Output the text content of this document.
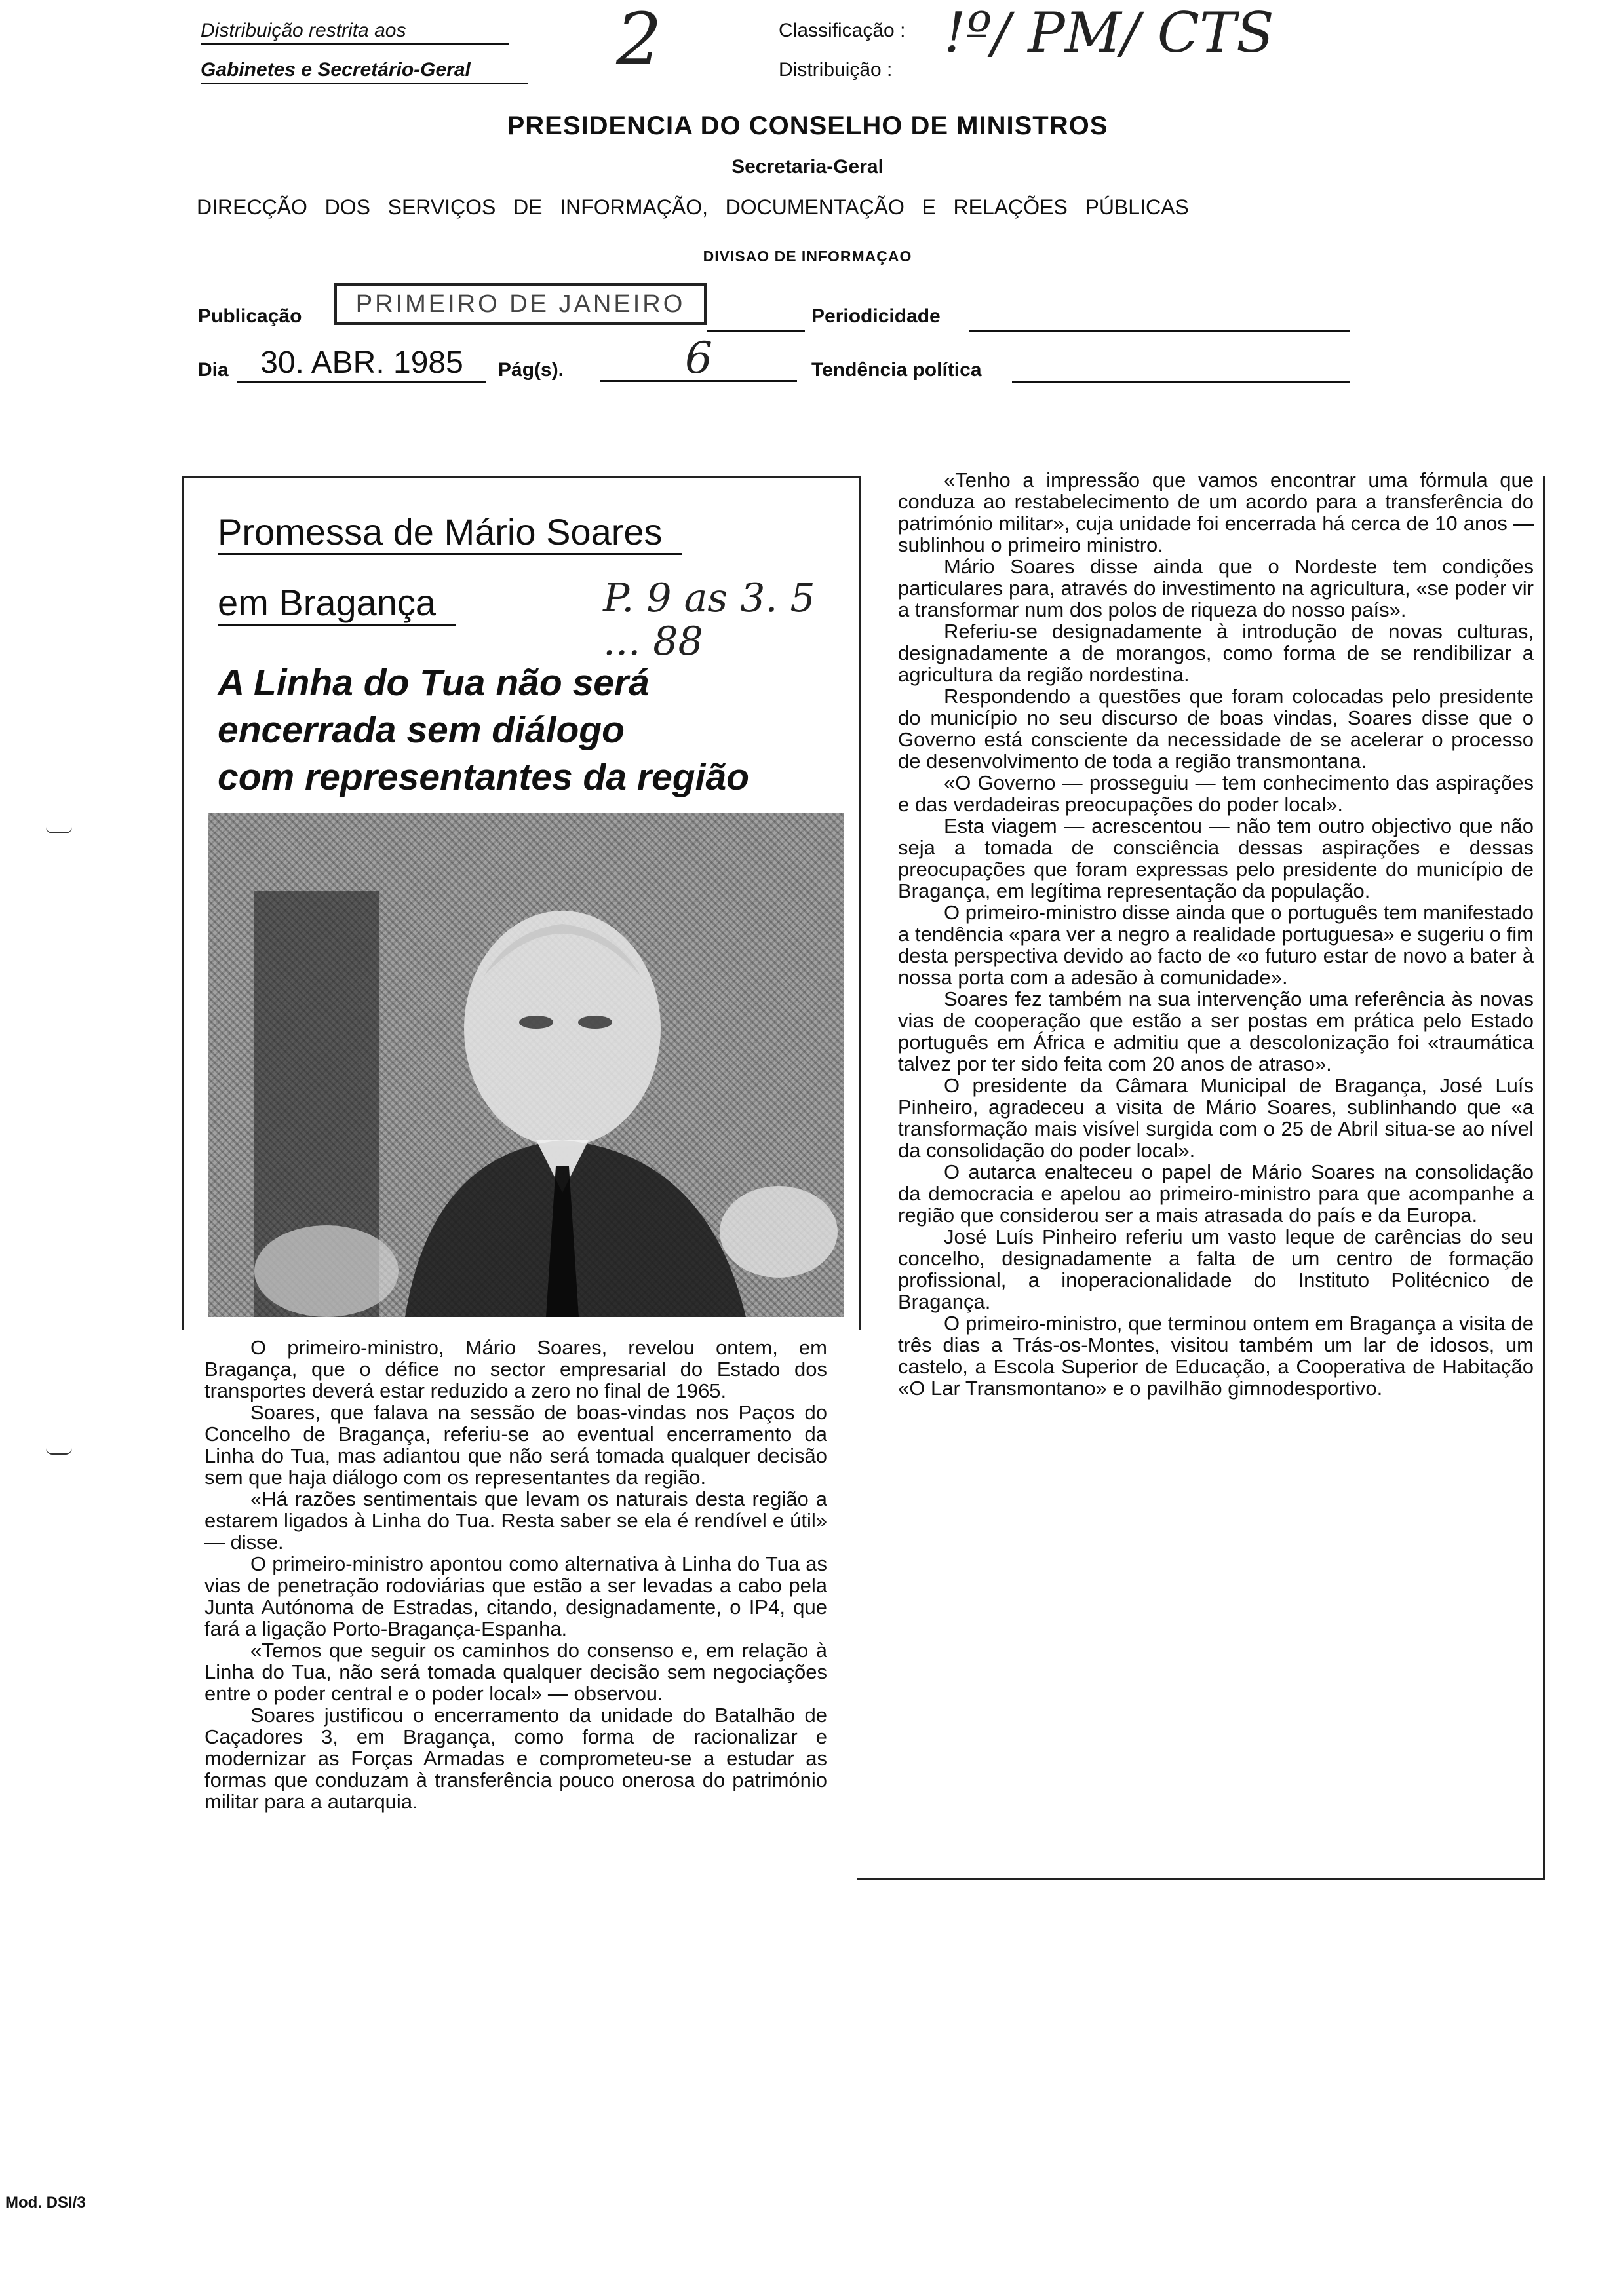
Distribuição restrita aos
Gabinetes e Secretário-Geral	2	Classificação :
Distribuição :
!º/ PM/ CTS
PRESIDENCIA DO CONSELHO DE MINISTROS
Secretaria-Geral
DIRECÇÃO   DOS   SERVIÇOS   DE   INFORMAÇÃO,   DOCUMENTAÇÃO   E   RELAÇÕES   PÚBLICAS
DIVISAO DE INFORMAÇAO
Publicação	PRIMEIRO DE JANEIRO	Periodicidade
Dia	30. ABR. 1985	Pág(s).	6	Tendência política
Promessa de Mário Soares
em Bragança	P. 9 as 3. 5 ... 88
A Linha do Tua não será
encerrada sem diálogo
com representantes da região

O primeiro-ministro, Mário Soares, revelou ontem, em Bragança, que o défice no sector empresarial do Estado dos transportes deverá estar reduzido a zero no final de 1965.

Soares, que falava na sessão de boas-vindas nos Paços do Concelho de Bragança, referiu-se ao eventual encerramento da Linha do Tua, mas adiantou que não será tomada qualquer decisão sem que haja diálogo com os representantes da região.

«Há razões sentimentais que levam os naturais desta região a estarem ligados à Linha do Tua. Resta saber se ela é rendível e útil» — disse.

O primeiro-ministro apontou como alternativa à Linha do Tua as vias de penetração rodoviárias que estão a ser levadas a cabo pela Junta Autónoma de Estradas, citando, designadamente, o IP4, que fará a ligação Porto-Bragança-Espanha.

«Temos que seguir os caminhos do consenso e, em relação à Linha do Tua, não será tomada qualquer decisão sem negociações entre o poder central e o poder local» — observou.

Soares justificou o encerramento da unidade do Batalhão de Caçadores 3, em Bragança, como forma de racionalizar e modernizar as Forças Armadas e comprometeu-se a estudar as formas que conduzam à transferência pouco onerosa do património militar para a autarquia.

«Tenho a impressão que vamos encontrar uma fórmula que conduza ao restabelecimento de um acordo para a transferência do património militar», cuja unidade foi encerrada há cerca de 10 anos — sublinhou o primeiro ministro.

Mário Soares disse ainda que o Nordeste tem condições particulares para, através do investimento na agricultura, «se poder vir a transformar num dos polos de riqueza do nosso país».

Referiu-se designadamente à introdução de novas culturas, designadamente a de morangos, como forma de se rendibilizar a agricultura da região nordestina.

Respondendo a questões que foram colocadas pelo presidente do município no seu discurso de boas vindas, Soares disse que o Governo está consciente da necessidade de se acelerar o processo de desenvolvimento de toda a região transmontana.

«O Governo — prosseguiu — tem conhecimento das aspirações e das verdadeiras preocupações do poder local».

Esta viagem — acrescentou — não tem outro objectivo que não seja a tomada de consciência dessas aspirações e dessas preocupações que foram expressas pelo presidente do município de Bragança, em legítima representação da população.

O primeiro-ministro disse ainda que o português tem manifestado a tendência «para ver a negro a realidade portuguesa» e sugeriu o fim desta perspectiva devido ao facto de «o futuro estar de novo a bater à nossa porta com a adesão à comunidade».

Soares fez também na sua intervenção uma referência às novas vias de cooperação que estão a ser postas em prática pelo Estado português em África e admitiu que a descolonização foi «traumática talvez por ter sido feita com 20 anos de atraso».

O presidente da Câmara Municipal de Bragança, José Luís Pinheiro, agradeceu a visita de Mário Soares, sublinhando que «a transformação mais visível surgida com o 25 de Abril situa-se ao nível da consolidação do poder local».

O autarca enalteceu o papel de Mário Soares na consolidação da democracia e apelou ao primeiro-ministro para que acompanhe a região que considerou ser a mais atrasada do país e da Europa.

José Luís Pinheiro referiu um vasto leque de carências do seu concelho, designadamente a falta de um centro de formação profissional, a inoperacionalidade do Instituto Politécnico de Bragança.

O primeiro-ministro, que terminou ontem em Bragança a visita de três dias a Trás-os-Montes, visitou também um lar de idosos, um castelo, a Escola Superior de Educação, a Cooperativa de Habitação «O Lar Transmontano» e o pavilhão gimnodesportivo.

Mod. DSI/3
